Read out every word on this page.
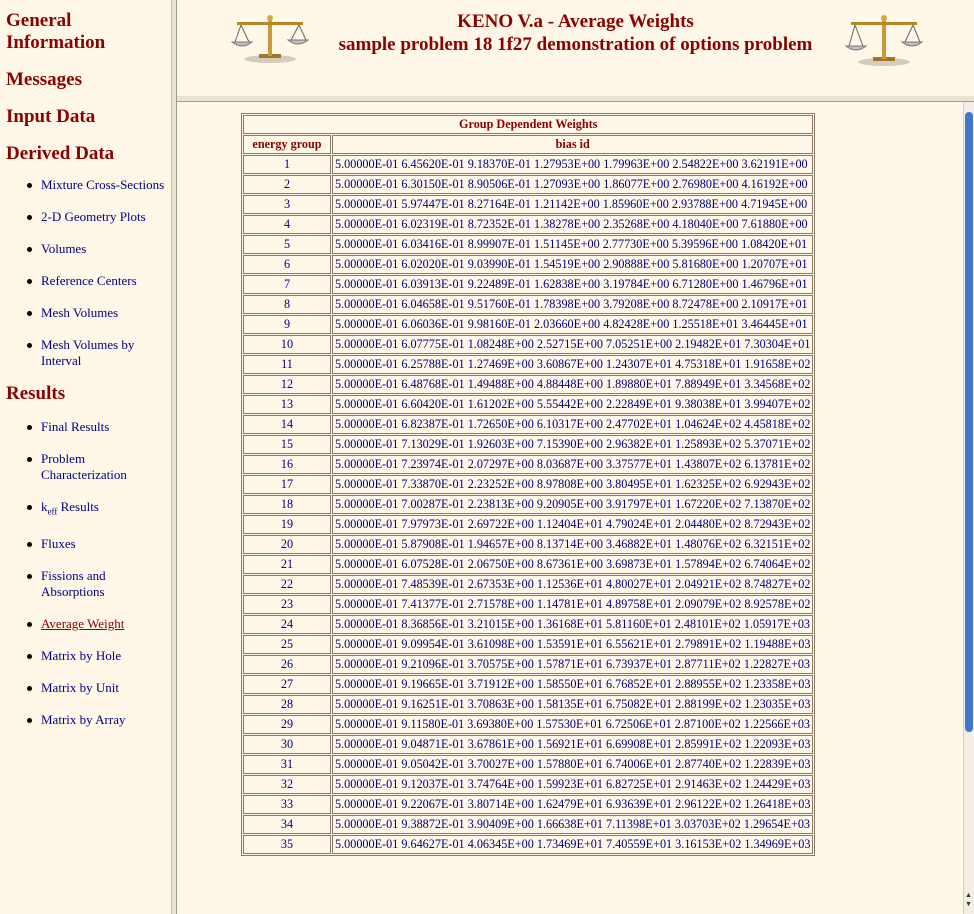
General Information
Messages
Input Data
Derived Data
Mixture Cross-Sections
2-D Geometry Plots
Volumes
Reference Centers
Mesh Volumes
Mesh Volumes by Interval
Results
Final Results
Problem Characterization
$k_{eff}$ Results
Fluxes
Fissions and Absorptions
Average Weight
Matrix by Hole
Matrix by Unit
Matrix by Array
KENO V.a - Average Weights
sample problem 18 1f27 demonstration of options problem
Group Dependent Weights	
energy group	bias id
1	5.00000E-01 6.45620E-01 9.18370E-01 1.27953E+00 1.79963E+00 2.54822E+00 3.62191E+00
2	5.00000E-01 6.30150E-01 8.90506E-01 1.27093E+00 1.86077E+00 2.76980E+00 4.16192E+00
3	5.00000E-01 5.97447E-01 8.27164E-01 1.21142E+00 1.85960E+00 2.93788E+00 4.71945E+00
4	5.00000E-01 6.02319E-01 8.72352E-01 1.38278E+00 2.35268E+00 4.18040E+00 7.61880E+00
5	5.00000E-01 6.03416E-01 8.99907E-01 1.51145E+00 2.77730E+00 5.39596E+00 1.08420E+01
6	5.00000E-01 6.02020E-01 9.03990E-01 1.54519E+00 2.90888E+00 5.81680E+00 1.20707E+01
7	5.00000E-01 6.03913E-01 9.22489E-01 1.62838E+00 3.19784E+00 6.71280E+00 1.46796E+01
8	5.00000E-01 6.04658E-01 9.51760E-01 1.78398E+00 3.79208E+00 8.72478E+00 2.10917E+01
9	5.00000E-01 6.06036E-01 9.98160E-01 2.03660E+00 4.82428E+00 1.25518E+01 3.46445E+01
10	5.00000E-01 6.07775E-01 1.08248E+00 2.52715E+00 7.05251E+00 2.19482E+01 7.30304E+01
11	5.00000E-01 6.25788E-01 1.27469E+00 3.60867E+00 1.24307E+01 4.75318E+01 1.91658E+02
12	5.00000E-01 6.48768E-01 1.49488E+00 4.88448E+00 1.89880E+01 7.88949E+01 3.34568E+02
13	5.00000E-01 6.60420E-01 1.61202E+00 5.55442E+00 2.22849E+01 9.38038E+01 3.99407E+02
14	5.00000E-01 6.82387E-01 1.72650E+00 6.10317E+00 2.47702E+01 1.04624E+02 4.45818E+02
15	5.00000E-01 7.13029E-01 1.92603E+00 7.15390E+00 2.96382E+01 1.25893E+02 5.37071E+02
16	5.00000E-01 7.23974E-01 2.07297E+00 8.03687E+00 3.37577E+01 1.43807E+02 6.13781E+02
17	5.00000E-01 7.33870E-01 2.23252E+00 8.97808E+00 3.80495E+01 1.62325E+02 6.92943E+02
18	5.00000E-01 7.00287E-01 2.23813E+00 9.20905E+00 3.91797E+01 1.67220E+02 7.13870E+02
19	5.00000E-01 7.97973E-01 2.69722E+00 1.12404E+01 4.79024E+01 2.04480E+02 8.72943E+02
20	5.00000E-01 5.87908E-01 1.94657E+00 8.13714E+00 3.46882E+01 1.48076E+02 6.32151E+02
21	5.00000E-01 6.07528E-01 2.06750E+00 8.67361E+00 3.69873E+01 1.57894E+02 6.74064E+02
22	5.00000E-01 7.48539E-01 2.67353E+00 1.12536E+01 4.80027E+01 2.04921E+02 8.74827E+02
23	5.00000E-01 7.41377E-01 2.71578E+00 1.14781E+01 4.89758E+01 2.09079E+02 8.92578E+02
24	5.00000E-01 8.36856E-01 3.21015E+00 1.36168E+01 5.81160E+01 2.48101E+02 1.05917E+03
25	5.00000E-01 9.09954E-01 3.61098E+00 1.53591E+01 6.55621E+01 2.79891E+02 1.19488E+03
26	5.00000E-01 9.21096E-01 3.70575E+00 1.57871E+01 6.73937E+01 2.87711E+02 1.22827E+03
27	5.00000E-01 9.19665E-01 3.71912E+00 1.58550E+01 6.76852E+01 2.88955E+02 1.23358E+03
28	5.00000E-01 9.16251E-01 3.70863E+00 1.58135E+01 6.75082E+01 2.88199E+02 1.23035E+03
29	5.00000E-01 9.11580E-01 3.69380E+00 1.57530E+01 6.72506E+01 2.87100E+02 1.22566E+03
30	5.00000E-01 9.04871E-01 3.67861E+00 1.56921E+01 6.69908E+01 2.85991E+02 1.22093E+03
31	5.00000E-01 9.05042E-01 3.70027E+00 1.57880E+01 6.74006E+01 2.87740E+02 1.22839E+03
32	5.00000E-01 9.12037E-01 3.74764E+00 1.59923E+01 6.82725E+01 2.91463E+02 1.24429E+03
33	5.00000E-01 9.22067E-01 3.80714E+00 1.62479E+01 6.93639E+01 2.96122E+02 1.26418E+03
34	5.00000E-01 9.38872E-01 3.90409E+00 1.66638E+01 7.11398E+01 3.03703E+02 1.29654E+03
35	5.00000E-01 9.64627E-01 4.06345E+00 1.73469E+01 7.40559E+01 3.16153E+02 1.34969E+03
▲
▼
